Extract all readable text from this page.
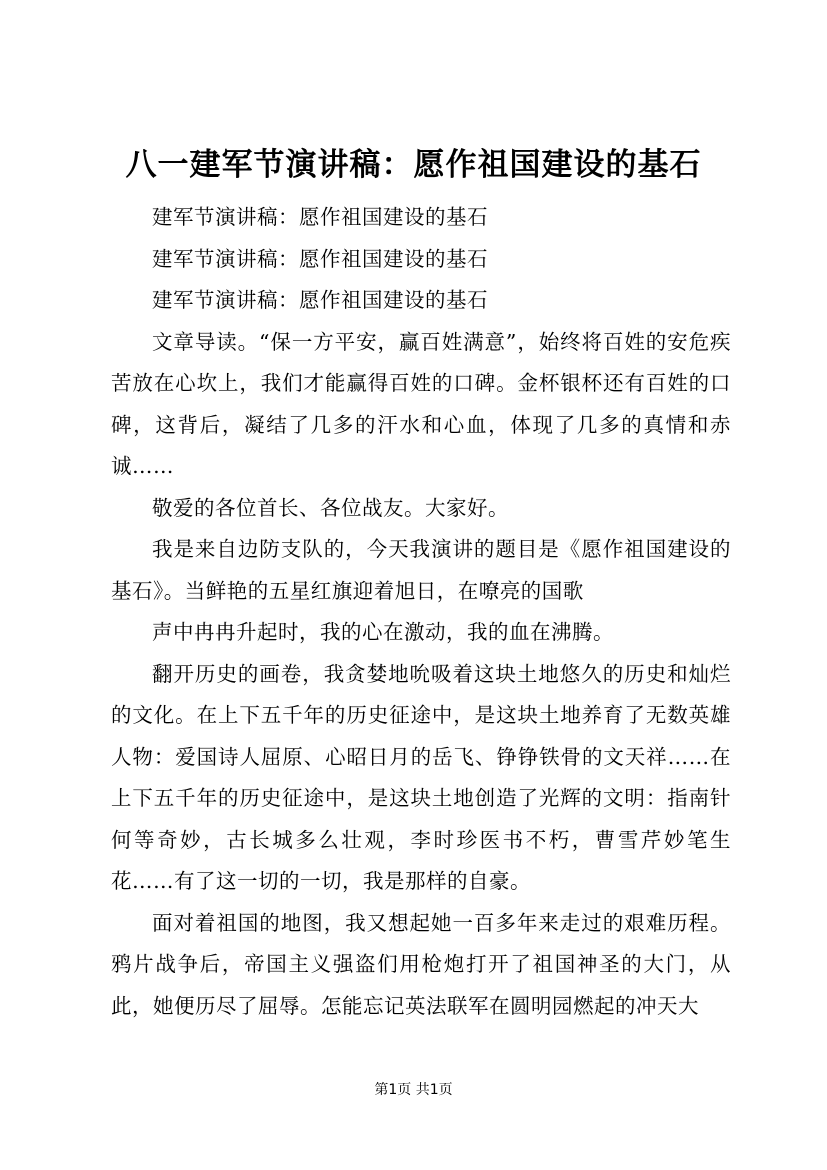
八一建军节演讲稿：愿作祖国建设的基石

建军节演讲稿：愿作祖国建设的基石

建军节演讲稿：愿作祖国建设的基石

建军节演讲稿：愿作祖国建设的基石

文章导读。“保一方平安，赢百姓满意”，始终将百姓的安危疾苦放在心坎上，我们才能赢得百姓的口碑。金杯银杯还有百姓的口碑，这背后，凝结了几多的汗水和心血，体现了几多的真情和赤诚……

敬爱的各位首长、各位战友。大家好。

我是来自边防支队的，今天我演讲的题目是《愿作祖国建设的基石》。当鲜艳的五星红旗迎着旭日，在嘹亮的国歌

声中冉冉升起时，我的心在激动，我的血在沸腾。

翻开历史的画卷，我贪婪地吮吸着这块土地悠久的历史和灿烂的文化。在上下五千年的历史征途中，是这块土地养育了无数英雄人物：爱国诗人屈原、心昭日月的岳飞、铮铮铁骨的文天祥……在上下五千年的历史征途中，是这块土地创造了光辉的文明：指南针何等奇妙，古长城多么壮观，李时珍医书不朽，曹雪芹妙笔生花……有了这一切的一切，我是那样的自豪。

面对着祖国的地图，我又想起她一百多年来走过的艰难历程。鸦片战争后，帝国主义强盗们用枪炮打开了祖国神圣的大门，从此，她便历尽了屈辱。怎能忘记英法联军在圆明园燃起的冲天大

第1页 共1页
